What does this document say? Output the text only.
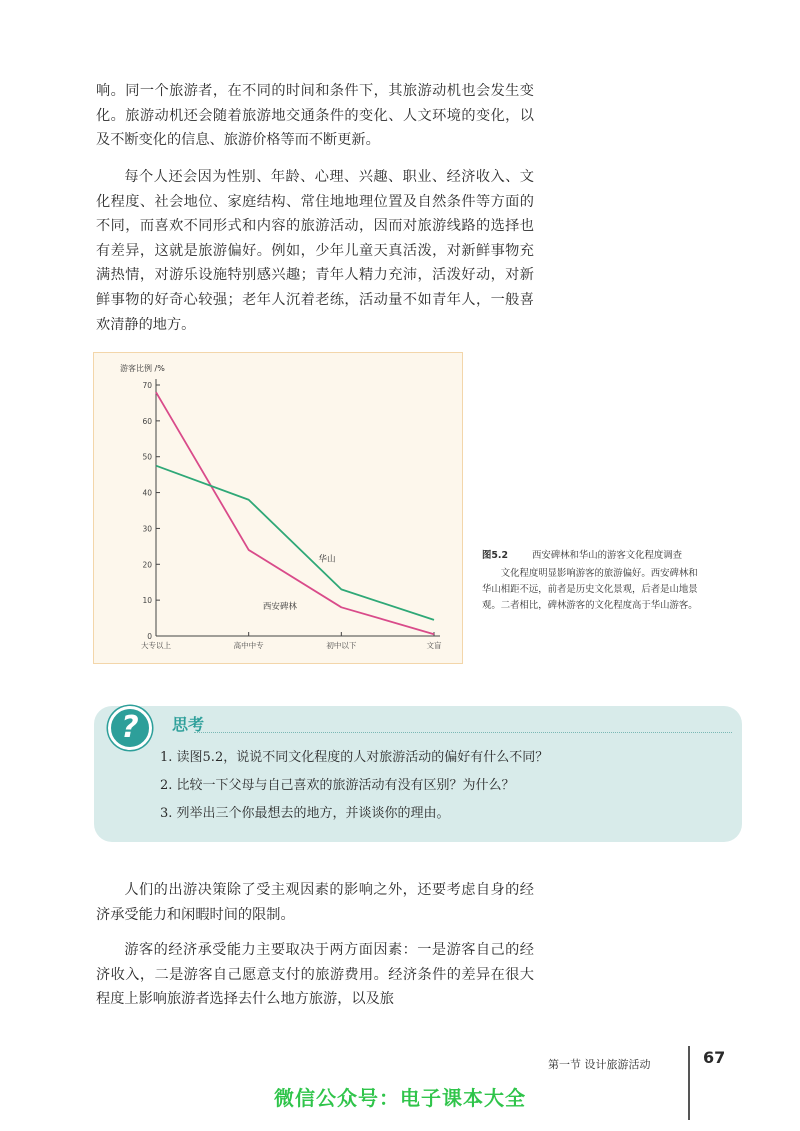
响。同一个旅游者，在不同的时间和条件下，其旅游动机也会发生变化。旅游动机还会随着旅游地交通条件的变化、人文环境的变化，以及不断变化的信息、旅游价格等而不断更新。

每个人还会因为性别、年龄、心理、兴趣、职业、经济收入、文化程度、社会地位、家庭结构、常住地地理位置及自然条件等方面的不同，而喜欢不同形式和内容的旅游活动，因而对旅游线路的选择也有差异，这就是旅游偏好。例如，少年儿童天真活泼，对新鲜事物充满热情，对游乐设施特别感兴趣；青年人精力充沛，活泼好动，对新鲜事物的好奇心较强；老年人沉着老练，活动量不如青年人，一般喜欢清静的地方。

0
10
20
30
40
50
60
70
游客比例 /%
大专以上	高中中专	初中以下	文盲
西安碑林
华山	图5.2	西安碑林和华山的游客文化程度调查
文化程度明显影响游客的旅游偏好。西安碑林和华山相距不远，前者是历史文化景观，后者是山地景观。二者相比，碑林游客的文化程度高于华山游客。
?	思考
1. 读图5.2，说说不同文化程度的人对旅游活动的偏好有什么不同？
2. 比较一下父母与自己喜欢的旅游活动有没有区别？为什么？
3. 列举出三个你最想去的地方，并谈谈你的理由。

人们的出游决策除了受主观因素的影响之外，还要考虑自身的经济承受能力和闲暇时间的限制。

游客的经济承受能力主要取决于两方面因素：一是游客自己的经济收入，二是游客自己愿意支付的旅游费用。经济条件的差异在很大程度上影响旅游者选择去什么地方旅游，以及旅

第一节 设计旅游活动	67
微信公众号：电子课本大全
